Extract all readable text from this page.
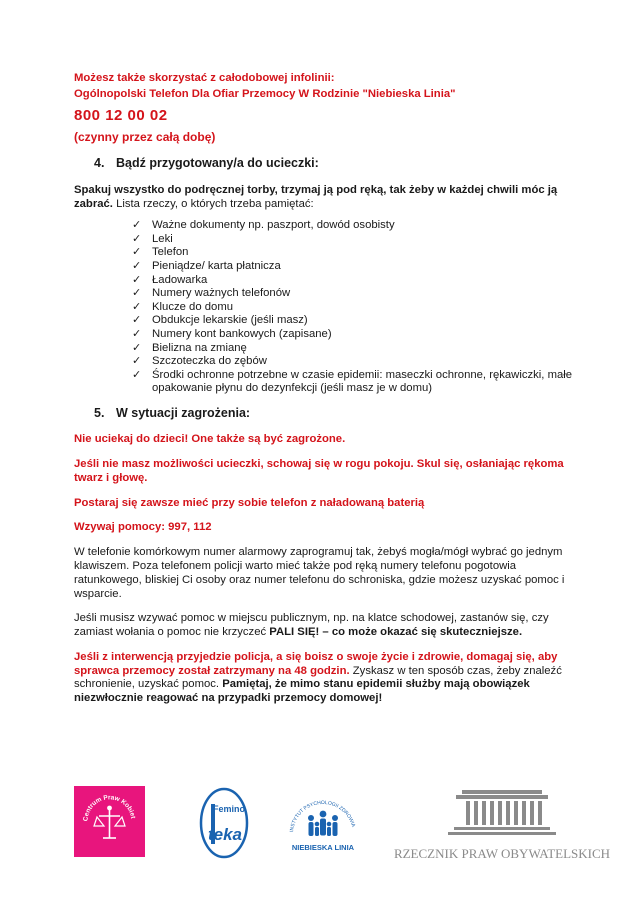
Możesz także skorzystać z całodobowej infolinii:
Ogólnopolski Telefon Dla Ofiar Przemocy W Rodzinie "Niebieska Linia"
800 12 00 02
(czynny przez całą dobę)
4. Bądź przygotowany/a do ucieczki:

Spakuj wszystko do podręcznej torby, trzymaj ją pod ręką, tak żeby w każdej chwili móc ją zabrać. Lista rzeczy, o których trzeba pamiętać:

✓ Ważne dokumenty np. paszport, dowód osobisty
✓ Leki
✓ Telefon
✓ Pieniądze/ karta płatnicza
✓ Ładowarka
✓ Numery ważnych telefonów
✓ Klucze do domu
✓ Obdukcje lekarskie (jeśli masz)
✓ Numery kont bankowych (zapisane)
✓ Bielizna na zmianę
✓ Szczoteczka do zębów
✓ Środki ochronne potrzebne w czasie epidemii: maseczki ochronne, rękawiczki, małe opakowanie płynu do dezynfekcji (jeśli masz je w domu)
5. W sytuacji zagrożenia:

Nie uciekaj do dzieci! One także są być zagrożone.

Jeśli nie masz możliwości ucieczki, schowaj się w rogu pokoju. Skul się, osłaniając rękoma twarz i głowę.

Postaraj się zawsze mieć przy sobie telefon z naładowaną baterią

Wzywaj pomocy: 997, 112

W telefonie komórkowym numer alarmowy zaprogramuj tak, żebyś mogła/mógł wybrać go jednym klawiszem. Poza telefonem policji warto mieć także pod ręką numery telefonu pogotowia ratunkowego, bliskiej Ci osoby oraz numer telefonu do schroniska, gdzie możesz uzyskać pomoc i wsparcie.

Jeśli musisz wzywać pomoc w miejscu publicznym, np. na klatce schodowej, zastanów się, czy zamiast wołania o pomoc nie krzyczeć PALI SIĘ! – co może okazać się skuteczniejsze.

Jeśli z interwencją przyjedzie policja, a się boisz o swoje życie i zdrowie, domagaj się, aby sprawca przemocy został zatrzymany na 48 godzin. Zyskasz w ten sposób czas, żeby znaleźć schronienie, uzyskać pomoc. Pamiętaj, że mimo stanu epidemii służby mają obowiązek niezwłocznie reagować na przypadki przemocy domowej!

Centrum Praw Kobiet
Femino
teka	INSTYTUT PSYCHOLOGII ZDROWIA
NIEBIESKA LINIA	RZECZNIK PRAW OBYWATELSKICH
